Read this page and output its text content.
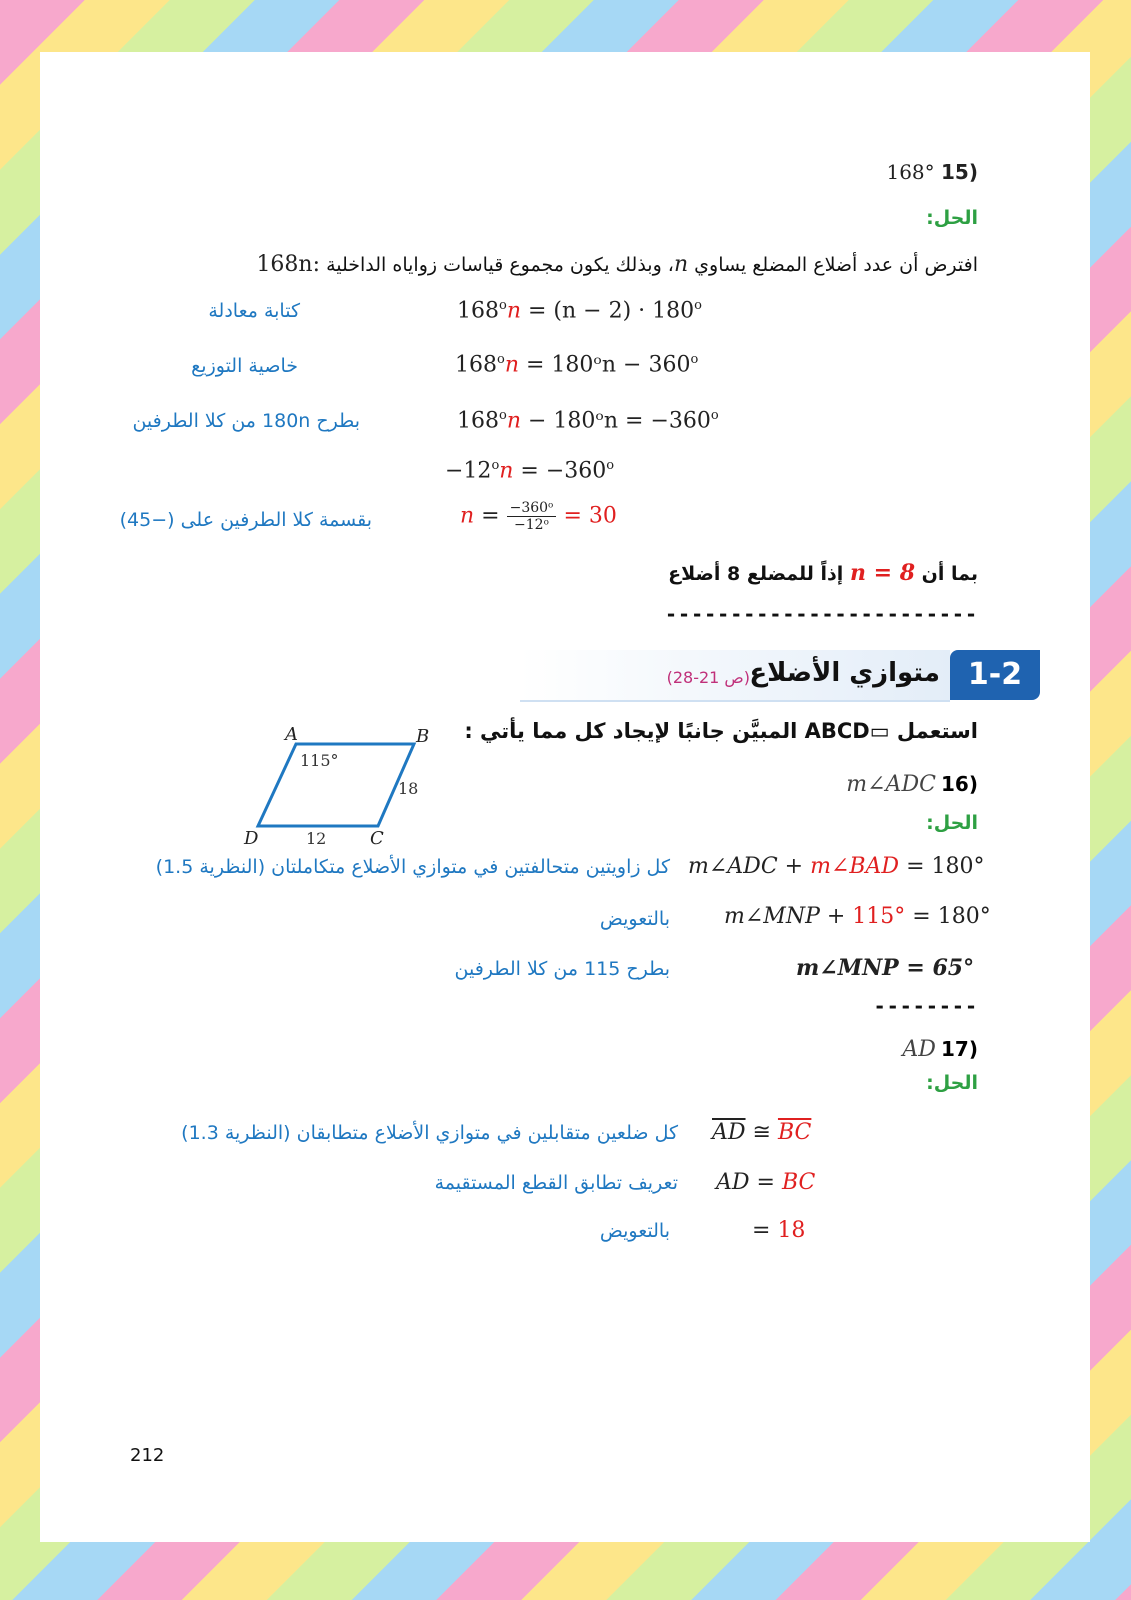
168° 15)
الحل:
افترض أن عدد أضلاع المضلع يساوي n، وبذلك يكون مجموع قياسات زواياه الداخلية 168n:
$168^on = (n - 2) \cdot 180^o$
كتابة معادلة
$168^on$ = 180ᵒn − $360^o$
خاصية التوزيع
$168^on$ − 180ᵒn = $-360^o$
بطرح 180n من كلا الطرفين
$-12^on = -360^o$
$n = \frac{\text{−360ᵒ}}{\text{−12ᵒ}} = 30$
بقسمة كلا الطرفين على (−45)
بما أن n = 8 إذاً للمضلع 8 أضلاع
------------------------
1-2
متوازي الأضلاع
(ص 21-28)
استعمل ▭ABCD المبيَّن جانبًا لإيجاد كل مما يأتي :
A	B
C
D
115°
18
12
m∠ADC 16)
الحل:
m∠ADC + m∠BAD = 180°
كل زاويتين متحالفتين في متوازي الأضلاع متكاملتان (النظرية 1.5)
m∠MNP + 115° = 180°
بالتعويض
m∠MNP = 65°
بطرح 115 من كلا الطرفين
--------
AD 17)
الحل:
$\overline{AD}$ ≅ $\overline{BC}$
كل ضلعين متقابلين في متوازي الأضلاع متطابقان (النظرية 1.3)
AD = BC
تعريف تطابق القطع المستقيمة
= 18
بالتعويض
212
